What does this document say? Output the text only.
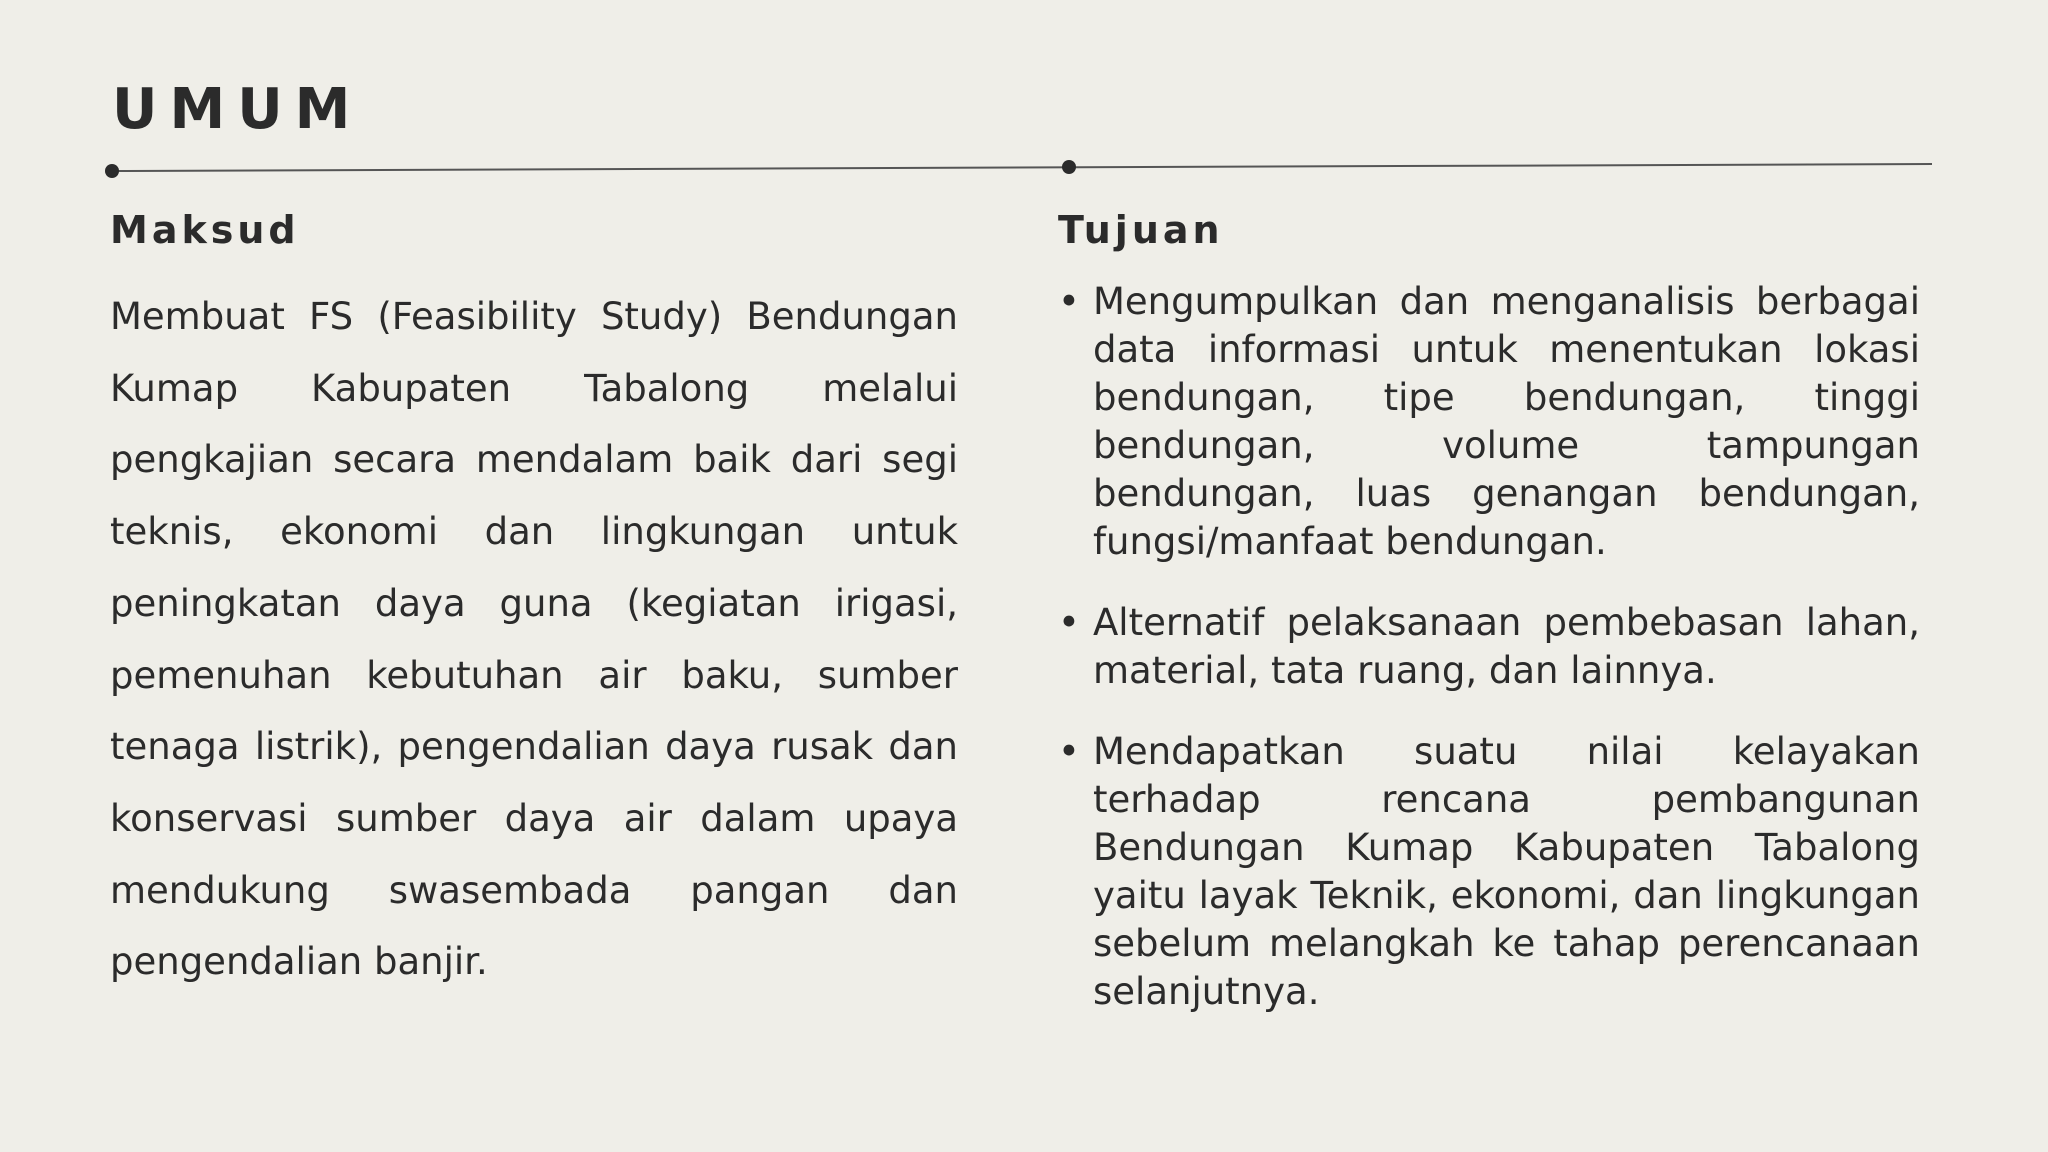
UMUM
Maksud

Membuat FS (Feasibility Study) Bendungan Kumap Kabupaten Tabalong melalui pengkajian secara mendalam baik dari segi teknis, ekonomi dan lingkungan untuk peningkatan daya guna (kegiatan irigasi, pemenuhan kebutuhan air baku, sumber tenaga listrik), pengendalian daya rusak dan konservasi sumber daya air dalam upaya mendukung swasembada pangan dan pengendalian banjir.

Tujuan
• Mengumpulkan dan menganalisis berbagai data informasi untuk menentukan lokasi bendungan, tipe bendungan, tinggi bendungan, volume tampungan bendungan, luas genangan bendungan, fungsi/manfaat bendungan.
• Alternatif pelaksanaan pembebasan lahan, material, tata ruang, dan lainnya.
• Mendapatkan suatu nilai kelayakan terhadap rencana pembangunan Bendungan Kumap Kabupaten Tabalong yaitu layak Teknik, ekonomi, dan lingkungan sebelum melangkah ke tahap perencanaan selanjutnya.
